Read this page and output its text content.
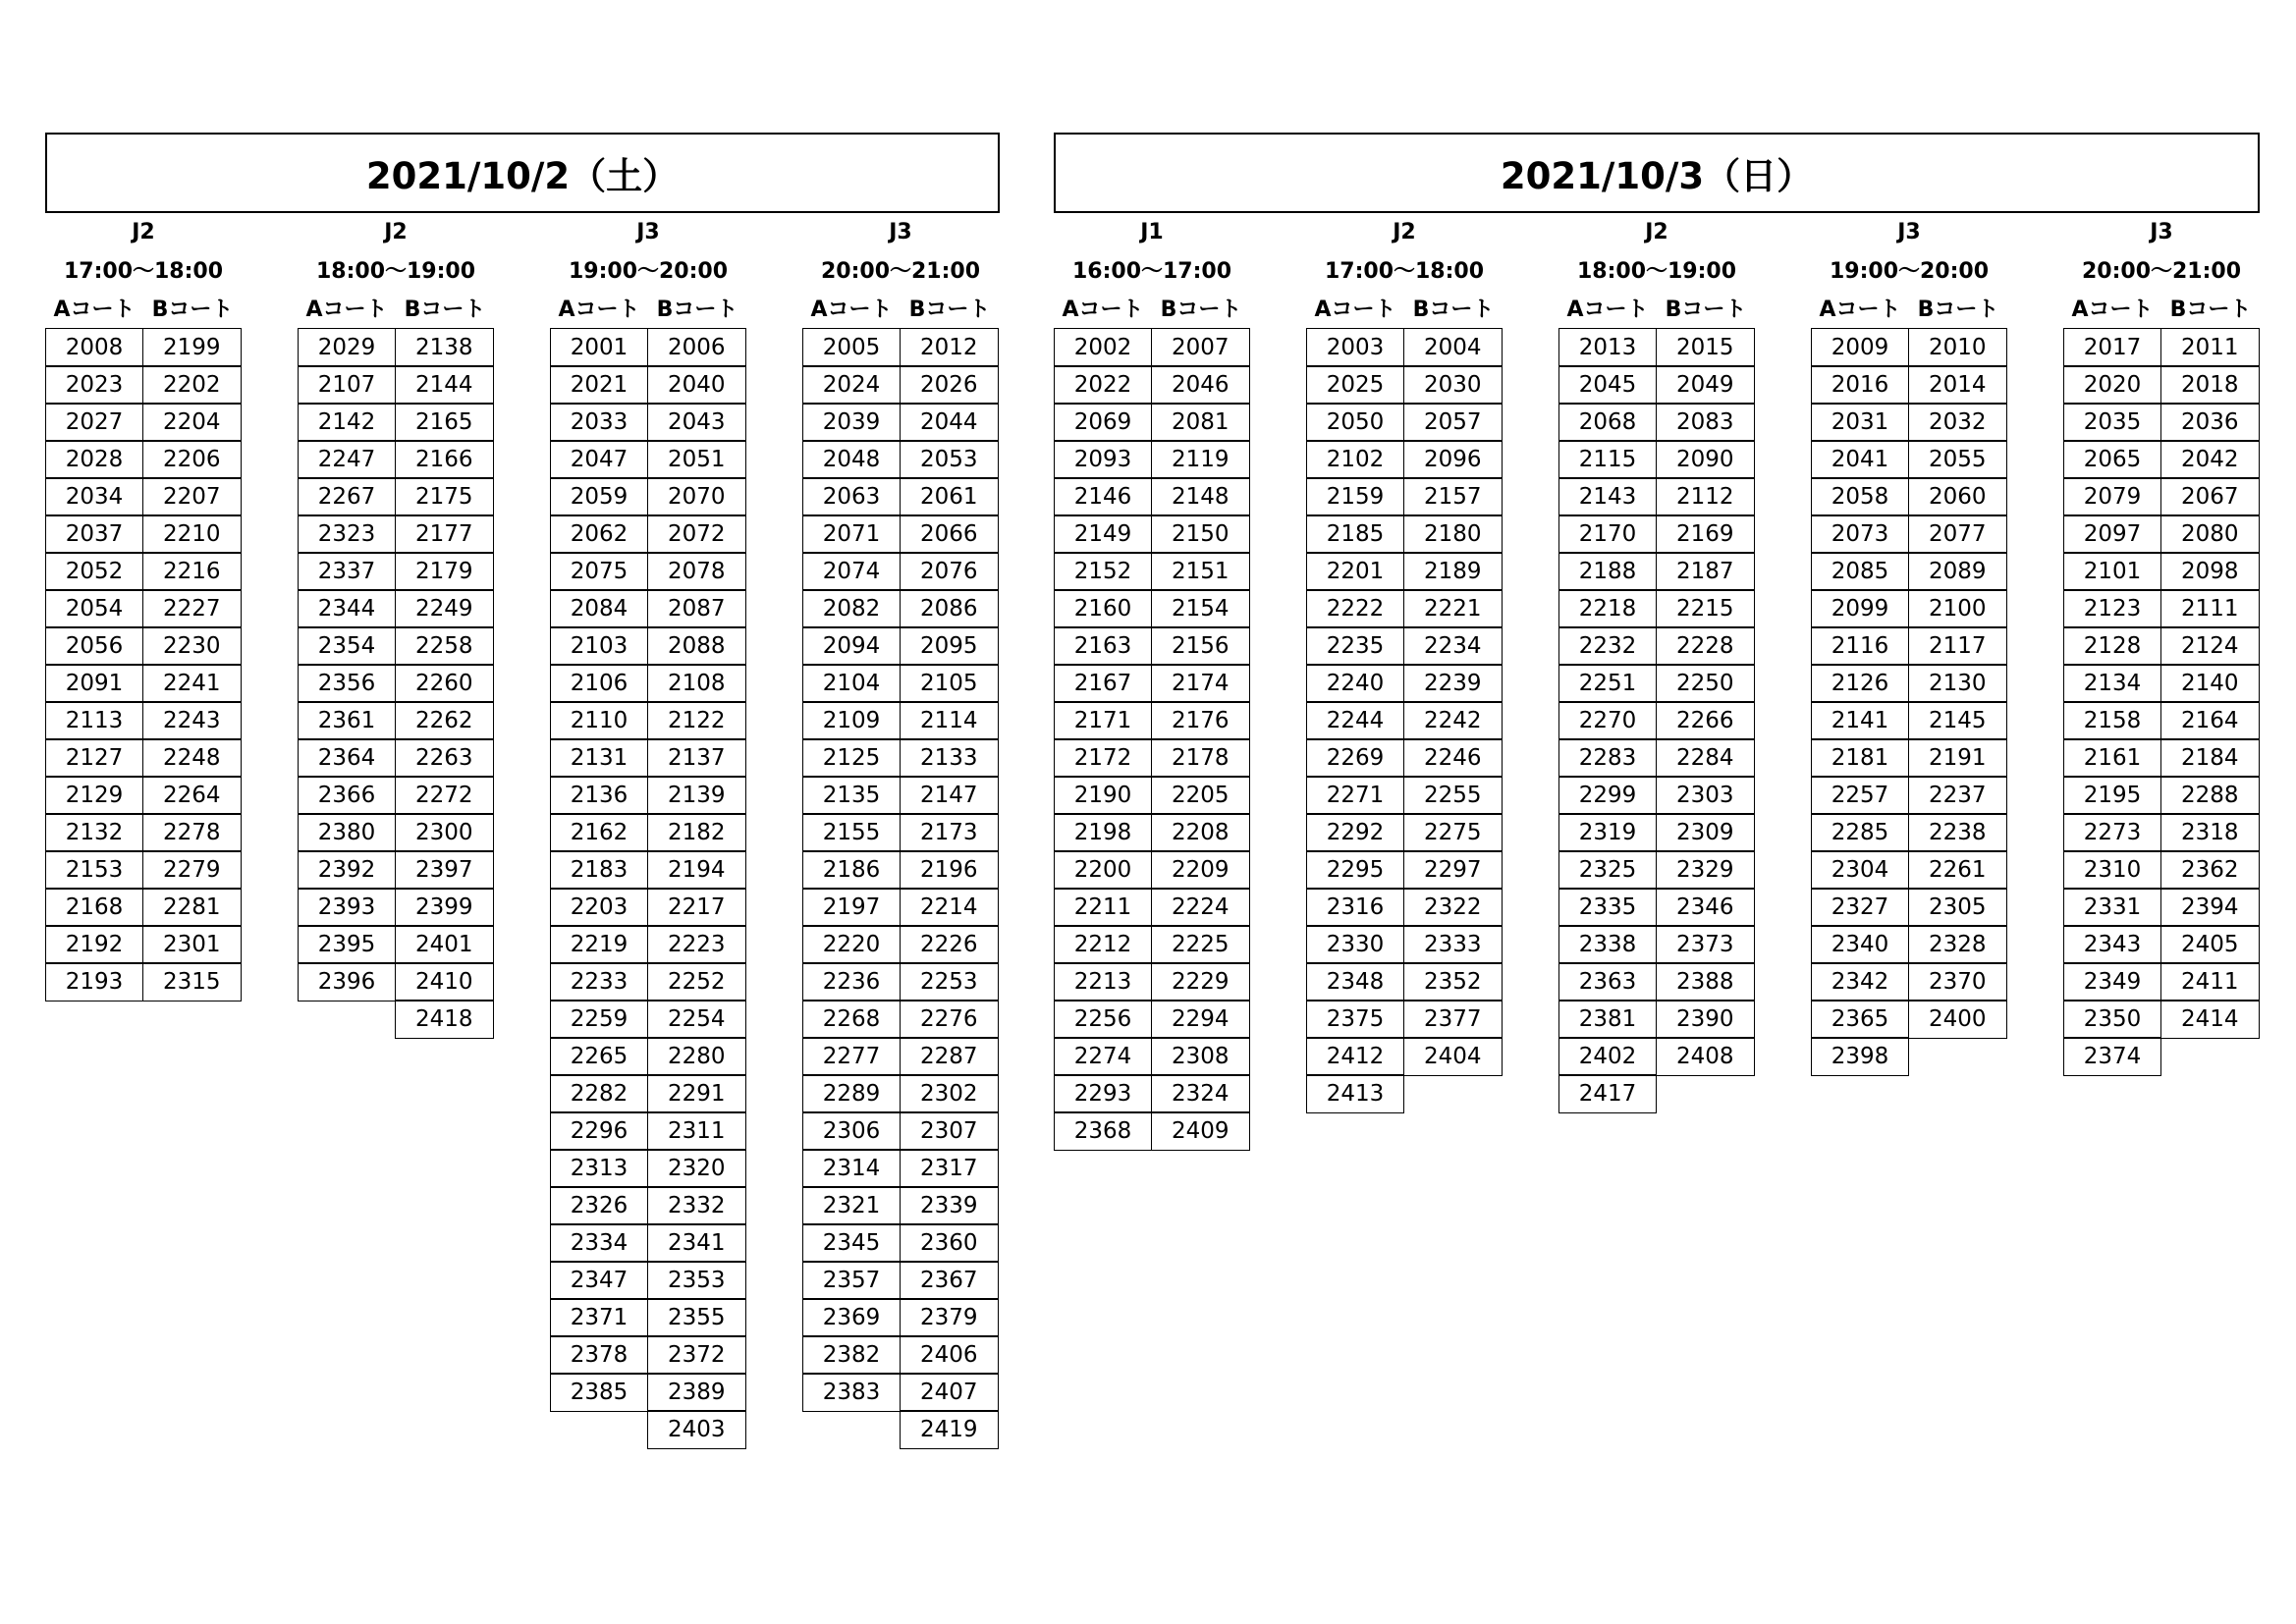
2021/10/2（土）
J2
17:00〜18:00
Aコート Bコート
2008
2023
2027
2028
2034
2037
2052
2054
2056
2091
2113
2127
2129
2132
2153
2168
2192
2193
2199
2202
2204
2206
2207
2210
2216
2227
2230
2241
2243
2248
2264
2278
2279
2281
2301
2315
J2
18:00〜19:00
Aコート Bコート
2029
2107
2142
2247
2267
2323
2337
2344
2354
2356
2361
2364
2366
2380
2392
2393
2395
2396
2138
2144
2165
2166
2175
2177
2179
2249
2258
2260
2262
2263
2272
2300
2397
2399
2401
2410
2418
J3
19:00〜20:00
Aコート Bコート
2001
2021
2033
2047
2059
2062
2075
2084
2103
2106
2110
2131
2136
2162
2183
2203
2219
2233
2259
2265
2282
2296
2313
2326
2334
2347
2371
2378
2385
2006
2040
2043
2051
2070
2072
2078
2087
2088
2108
2122
2137
2139
2182
2194
2217
2223
2252
2254
2280
2291
2311
2320
2332
2341
2353
2355
2372
2389
2403
J3
20:00〜21:00
Aコート Bコート
2005
2024
2039
2048
2063
2071
2074
2082
2094
2104
2109
2125
2135
2155
2186
2197
2220
2236
2268
2277
2289
2306
2314
2321
2345
2357
2369
2382
2383
2012
2026
2044
2053
2061
2066
2076
2086
2095
2105
2114
2133
2147
2173
2196
2214
2226
2253
2276
2287
2302
2307
2317
2339
2360
2367
2379
2406
2407
2419
2021/10/3（日）
J1
16:00〜17:00
Aコート Bコート
2002
2022
2069
2093
2146
2149
2152
2160
2163
2167
2171
2172
2190
2198
2200
2211
2212
2213
2256
2274
2293
2368
2007
2046
2081
2119
2148
2150
2151
2154
2156
2174
2176
2178
2205
2208
2209
2224
2225
2229
2294
2308
2324
2409
J2
17:00〜18:00
Aコート Bコート
2003
2025
2050
2102
2159
2185
2201
2222
2235
2240
2244
2269
2271
2292
2295
2316
2330
2348
2375
2412
2413
2004
2030
2057
2096
2157
2180
2189
2221
2234
2239
2242
2246
2255
2275
2297
2322
2333
2352
2377
2404
J2
18:00〜19:00
Aコート Bコート
2013
2045
2068
2115
2143
2170
2188
2218
2232
2251
2270
2283
2299
2319
2325
2335
2338
2363
2381
2402
2417
2015
2049
2083
2090
2112
2169
2187
2215
2228
2250
2266
2284
2303
2309
2329
2346
2373
2388
2390
2408
J3
19:00〜20:00
Aコート Bコート
2009
2016
2031
2041
2058
2073
2085
2099
2116
2126
2141
2181
2257
2285
2304
2327
2340
2342
2365
2398
2010
2014
2032
2055
2060
2077
2089
2100
2117
2130
2145
2191
2237
2238
2261
2305
2328
2370
2400
J3
20:00〜21:00
Aコート Bコート
2017
2020
2035
2065
2079
2097
2101
2123
2128
2134
2158
2161
2195
2273
2310
2331
2343
2349
2350
2374
2011
2018
2036
2042
2067
2080
2098
2111
2124
2140
2164
2184
2288
2318
2362
2394
2405
2411
2414
